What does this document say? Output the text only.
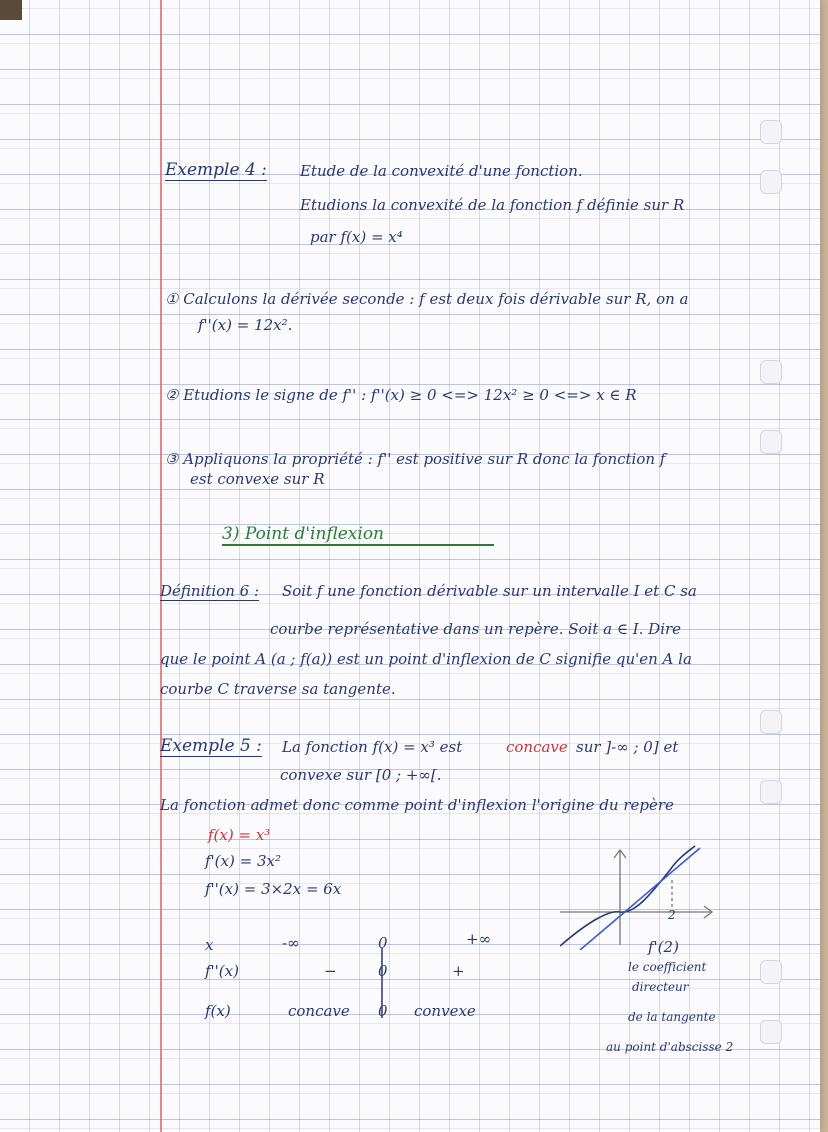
Exemple 4 : Etude de la convexité d'une fonction.
Etudions la convexité de la fonction f définie sur R
par f(x) = x⁴
① Calculons la dérivée seconde : f est deux fois dérivable sur R, on a
f''(x) = 12x².
② Etudions le signe de f'' : f''(x) ≥ 0 <=> 12x² ≥ 0 <=> x ∈ R
③ Appliquons la propriété : f'' est positive sur R donc la fonction f
est convexe sur R
3) Point d'inflexion
Définition 6 : Soit f une fonction dérivable sur un intervalle I et C sa
courbe représentative dans un repère. Soit a ∈ I. Dire
que le point A (a ; f(a)) est un point d'inflexion de C signifie qu'en A la
courbe C traverse sa tangente.
Exemple 5 : La fonction f(x) = x³ est	concave sur ]-∞ ; 0] et
convexe sur [0 ; +∞[.
La fonction admet donc comme point d'inflexion l'origine du repère
f(x) = x³
f'(x) = 3x²
f''(x) = 3×2x = 6x
x	-∞	0	+∞
f''(x)	−	0	+
f(x)	concave 0 convexe
2
f'(2)
le coefficient
directeur
de la tangente
au point d'abscisse 2
